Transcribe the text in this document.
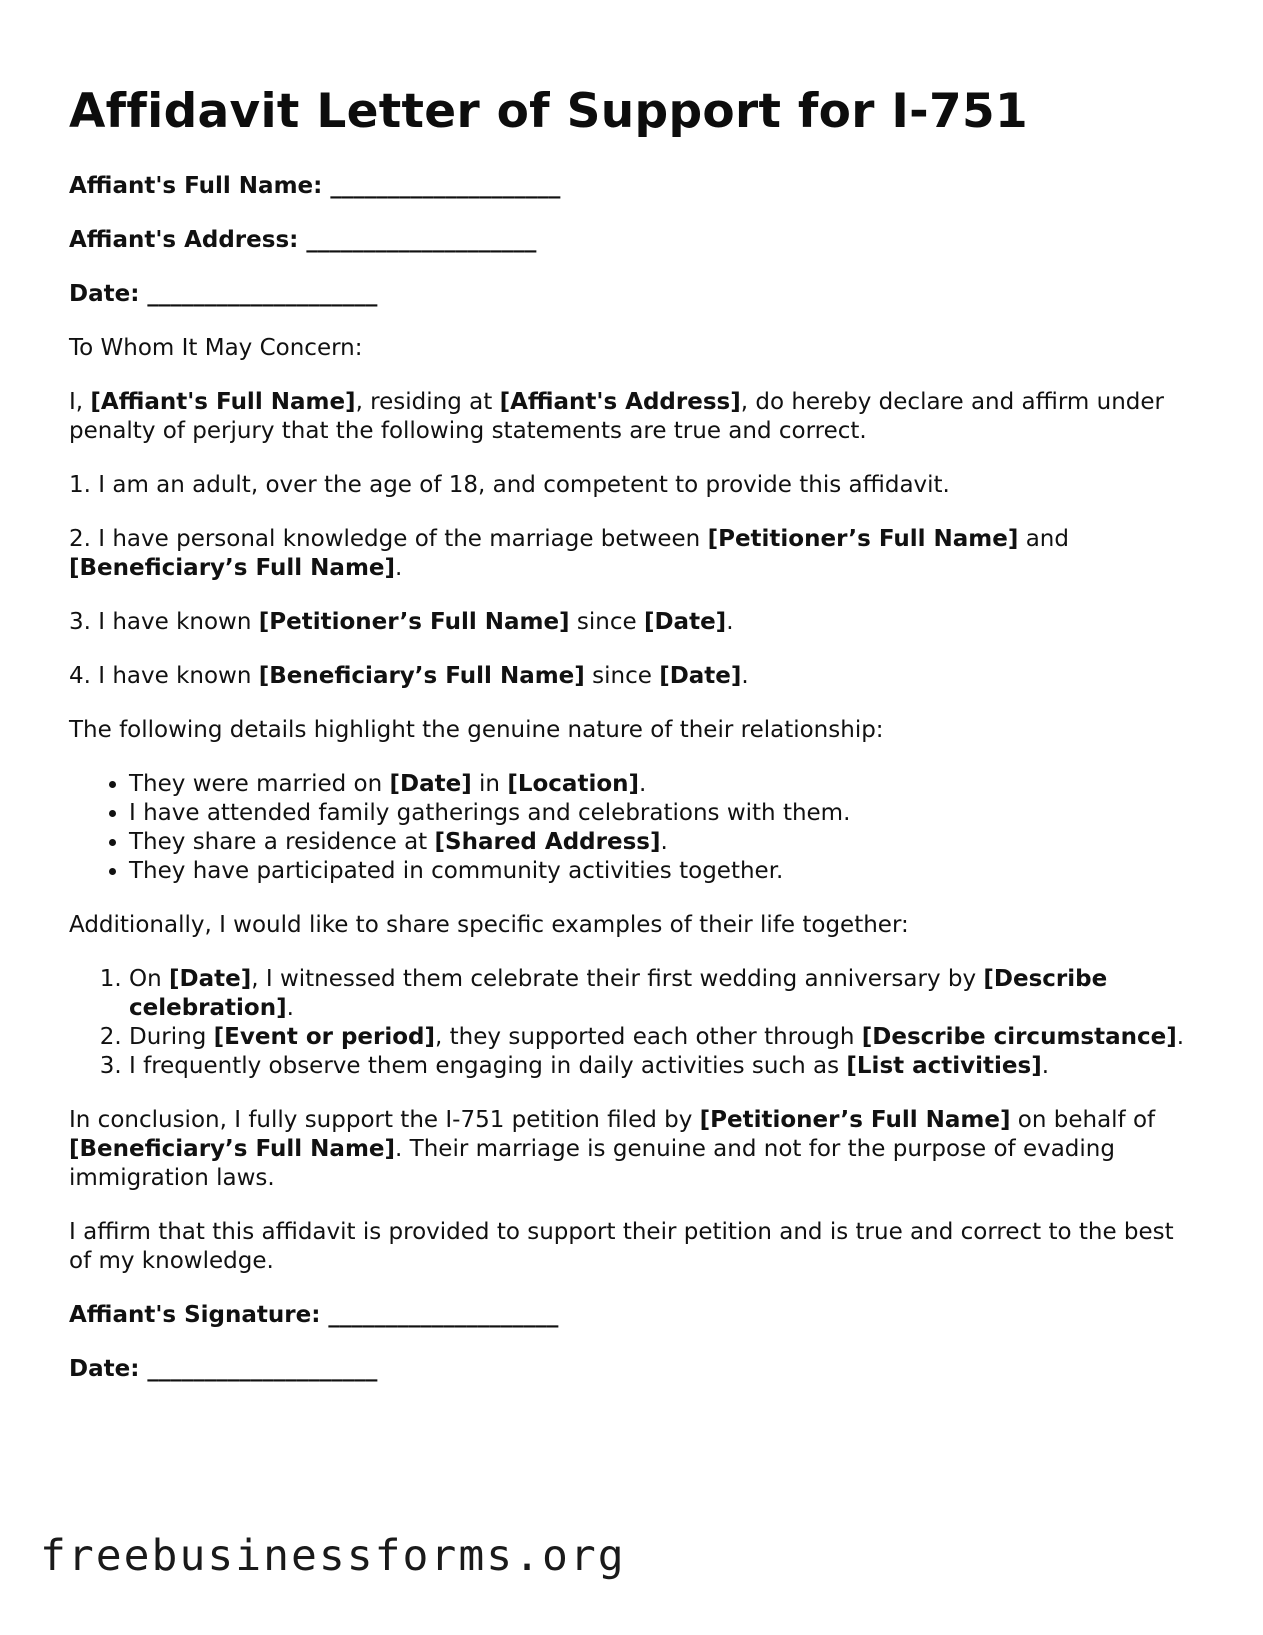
Affidavit Letter of Support for I-751

Affiant's Full Name: ____________________

Affiant's Address: ____________________

Date: ____________________

To Whom It May Concern:

I, [Affiant's Full Name], residing at [Affiant's Address], do hereby declare and affirm under penalty of perjury that the following statements are true and correct.

1. I am an adult, over the age of 18, and competent to provide this affidavit.

2. I have personal knowledge of the marriage between [Petitioner’s Full Name] and [Beneficiary’s Full Name].

3. I have known [Petitioner’s Full Name] since [Date].

4. I have known [Beneficiary’s Full Name] since [Date].

The following details highlight the genuine nature of their relationship:

• They were married on [Date] in [Location].
• I have attended family gatherings and celebrations with them.
• They share a residence at [Shared Address].
• They have participated in community activities together.

Additionally, I would like to share specific examples of their life together:

1. On [Date], I witnessed them celebrate their first wedding anniversary by [Describe celebration].
2. During [Event or period], they supported each other through [Describe circumstance].
3. I frequently observe them engaging in daily activities such as [List activities].

In conclusion, I fully support the I-751 petition filed by [Petitioner’s Full Name] on behalf of [Beneficiary’s Full Name]. Their marriage is genuine and not for the purpose of evading immigration laws.

I affirm that this affidavit is provided to support their petition and is true and correct to the best of my knowledge.

Affiant's Signature: ____________________

Date: ____________________

freebusinessforms.org
